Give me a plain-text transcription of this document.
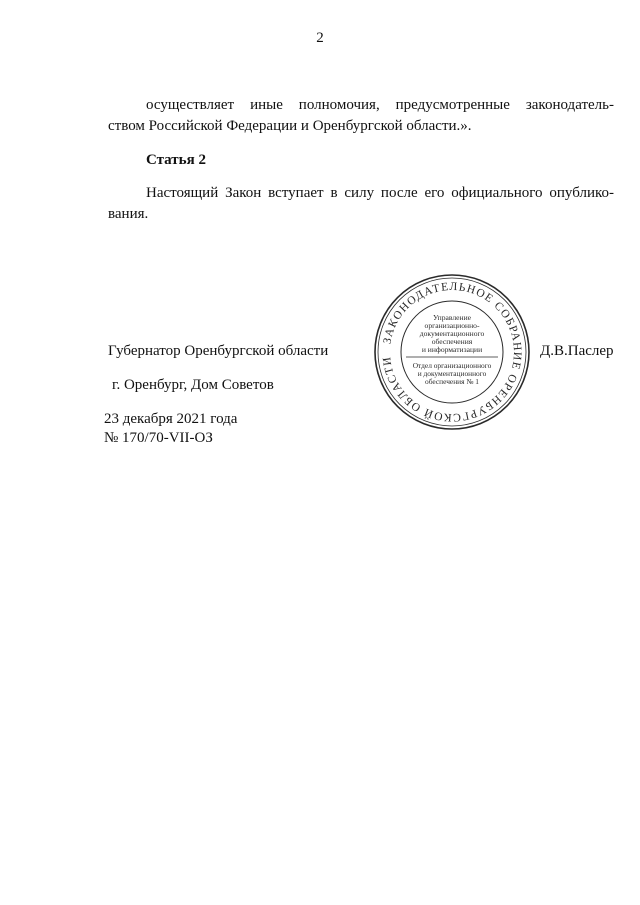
2
осуществляет иные полномочия, предусмотренные законодатель-
ством Российской Федерации и Оренбургской области.».
Статья 2
Настоящий Закон вступает в силу после его официального опублико-
вания.
Губернатор Оренбургской области	Д.В.Паслер
г. Оренбург, Дом Советов
23 декабря 2021 года
№ 170/70-VII-ОЗ
ЗАКОНОДАТЕЛЬНОЕ СОБРАНИЕ ОРЕНБУРГСКОЙ ОБЛАСТИ
Управление
организационно-
документационного
обеспечения
и информатизации
Отдел организационного
и документационного
обеспечения № 1
